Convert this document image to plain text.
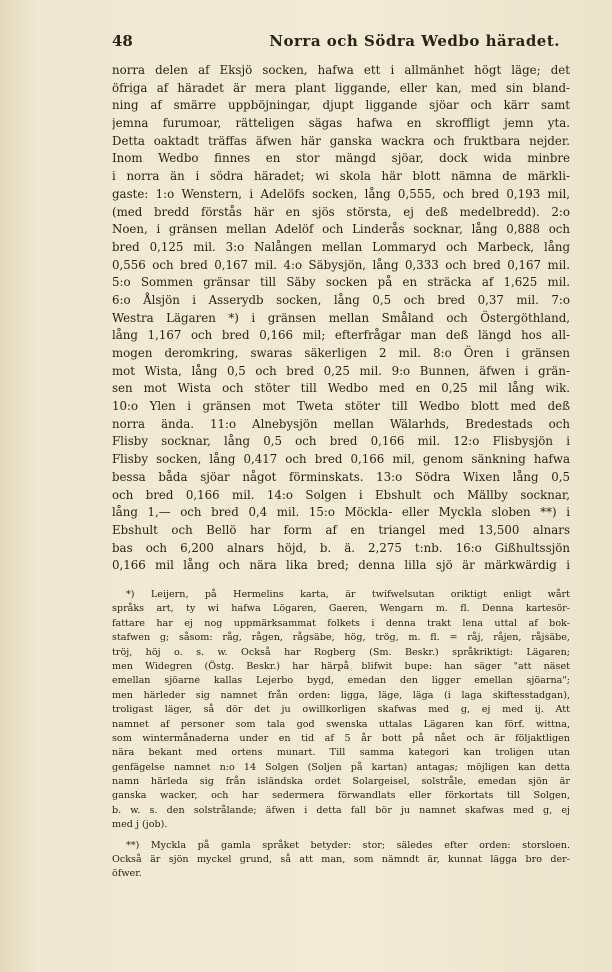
48	Norra och Södra Wedbo häradet.
norra delen af Eksjö socken, hafwa ett i allmänhet högt läge; det
öfriga af häradet är mera plant liggande, eller kan, med sin bland-
ning af smärre uppböjningar, djupt liggande sjöar och kärr samt
jemna furumoar, rätteligen sägas hafwa en skroffligt jemn yta.
Detta oaktadt träffas äfwen här ganska wackra och fruktbara nejder.
Inom Wedbo finnes en stor mängd sjöar, dock wida minbre
i norra än i södra häradet; wi skola här blott nämna de märkli-
gaste: 1:o Wenstern, i Adelöfs socken, lång 0,555, och bred 0,193 mil,
(med bredd förstås här en sjös största, ej deß medelbredd). 2:o
Noen, i gränsen mellan Adelöf och Linderås socknar, lång 0,888 och
bred 0,125 mil. 3:o Nalången mellan Lommaryd och Marbeck, lång
0,556 och bred 0,167 mil. 4:o Säbysjön, lång 0,333 och bred 0,167 mil.
5:o Sommen gränsar till Säby socken på en sträcka af 1,625 mil.
6:o Ålsjön i Asserydb socken, lång 0,5 och bred 0,37 mil. 7:o
Westra Lägaren *) i gränsen mellan Småland och Östergöthland,
lång 1,167 och bred 0,166 mil; efterfrågar man deß längd hos all-
mogen deromkring, swaras säkerligen 2 mil. 8:o Ören i gränsen
mot Wista, lång 0,5 och bred 0,25 mil. 9:o Bunnen, äfwen i grän-
sen mot Wista och stöter till Wedbo med en 0,25 mil lång wik.
10:o Ylen i gränsen mot Tweta stöter till Wedbo blott med deß
norra ända. 11:o Alnebysjön mellan Wälarhds, Bredestads och
Flisby socknar, lång 0,5 och bred 0,166 mil. 12:o Flisbysjön i
Flisby socken, lång 0,417 och bred 0,166 mil, genom sänkning hafwa
bessa båda sjöar något förminskats. 13:o Södra Wixen lång 0,5
och bred 0,166 mil. 14:o Solgen i Ebshult och Mällby socknar,
lång 1,— och bred 0,4 mil. 15:o Möckla- eller Myckla sloben **) i
Ebshult och Bellö har form af en triangel med 13,500 alnars
bas och 6,200 alnars höjd, b. ä. 2,275 t:nb. 16:o Gißhultssjön
0,166 mil lång och nära lika bred; denna lilla sjö är märkwärdig i
*) Leijern, på Hermelins karta, är twifwelsutan oriktigt enligt wårt
språks art, ty wi hafwa Lögaren, Gaeren, Wengarn m. fl. Denna kartesör-
fattare har ej nog uppmärksammat folkets i denna trakt lena uttal af bok-
stafwen g; såsom: råg, rågen, rågsäbe, hög, trög, m. fl. = råj, råjen, råjsäbe,
tröj, höj o. s. w. Också har Rogberg (Sm. Beskr.) språkriktigt: Lägaren;
men Widegren (Östg. Beskr.) har härpå blifwit bupe: han säger "att näset
emellan sjöarne kallas Lejerbo bygd, emedan den ligger emellan sjöarna";
men härleder sig namnet från orden: ligga, läge, läga (i laga skiftesstadgan),
troligast läger, så dör det ju owillkorligen skafwas med g, ej med ij. Att
namnet af personer som tala god swenska uttalas Lägaren kan förf. wittna,
som wintermånaderna under en tid af 5 år bott på nået och är följaktligen
nära bekant med ortens munart. Till samma kategori kan troligen utan
genfägelse namnet n:o 14 Solgen (Soljen på kartan) antagas; möjligen kan detta
namn härleda sig från isländska ordet Solargeisel, solstråle, emedan sjön är
ganska wacker, och har sedermera förwandlats eller förkortats till Solgen,
b. w. s. den solstrålande; äfwen i detta fall bör ju namnet skafwas med g, ej
med j (job).
**) Myckla på gamla språket betyder: stor; säledes efter orden: storsloen.
Också är sjön myckel grund, så att man, som nämndt är, kunnat lägga bro der-
öfwer.
